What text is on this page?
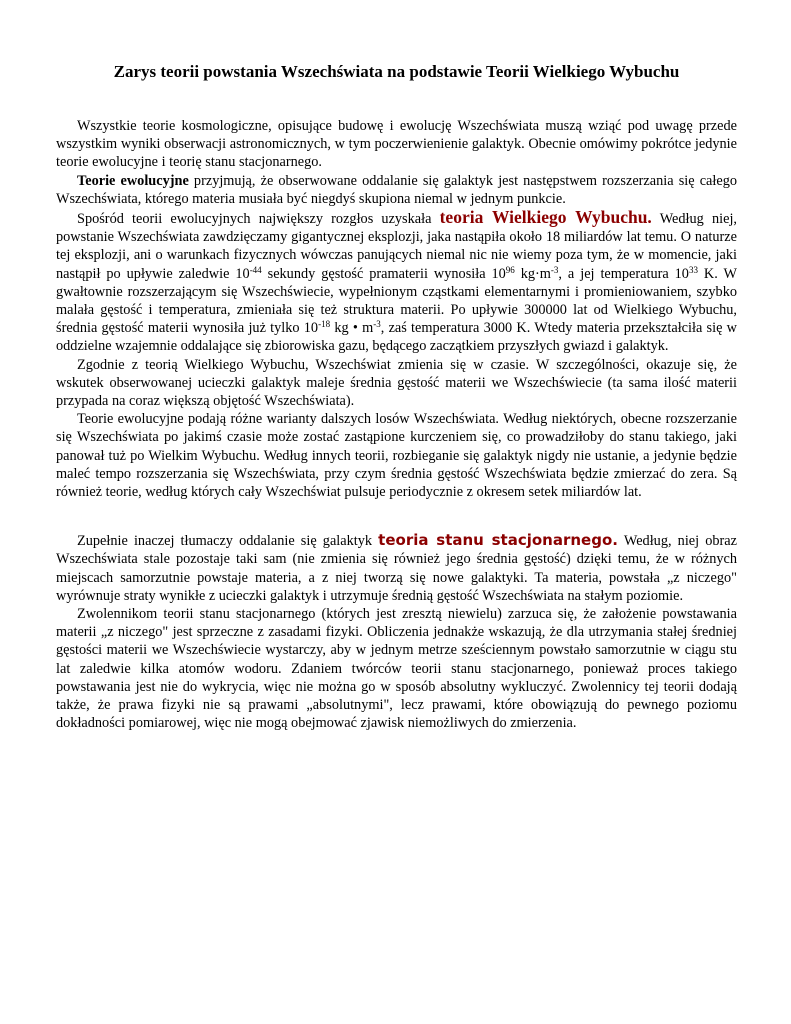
Zarys teorii powstania Wszechświata na podstawie Teorii Wielkiego Wybuchu

Wszystkie teorie kosmologiczne, opisujące budowę i ewolucję Wszechświata muszą wziąć pod uwagę przede wszystkim wyniki obserwacji astronomicznych, w tym poczerwienienie galaktyk. Obecnie omówimy pokrótce jedynie teorie ewolucyjne i teorię stanu stacjonarnego.

Teorie ewolucyjne przyjmują, że obserwowane oddalanie się galaktyk jest następstwem rozszerzania się całego Wszechświata, którego materia musiała być niegdyś skupiona niemal w jednym punkcie.

Spośród teorii ewolucyjnych największy rozgłos uzyskała teoria Wielkiego Wybuchu. Według niej, powstanie Wszechświata zawdzięczamy gigantycznej eksplozji, jaka nastąpiła około 18 miliardów lat temu. O naturze tej eksplozji, ani o warunkach fizycznych wówczas panujących niemal nic nie wiemy poza tym, że w momencie, jaki nastąpił po upływie zaledwie $10^{-44}$ sekundy gęstość pramaterii wynosiła $10^{96}$ $kg\cdot m^{-3}$, a jej temperatura $10^{33}$ K. W gwałtownie rozszerzającym się Wszechświecie, wypełnionym cząstkami elementarnymi i promieniowaniem, szybko malała gęstość i temperatura, zmieniała się też struktura materii. Po upływie 300000 lat od Wielkiego Wybuchu, średnia gęstość materii wynosiła już tylko $10^{-18}$ kg • $m^{-3}$, zaś temperatura 3000 K. Wtedy materia przekształciła się w oddzielne wzajemnie oddalające się zbiorowiska gazu, będącego zaczątkiem przyszłych gwiazd i galaktyk.

Zgodnie z teorią Wielkiego Wybuchu, Wszechświat zmienia się w czasie. W szczególności, okazuje się, że wskutek obserwowanej ucieczki galaktyk maleje średnia gęstość materii we Wszechświecie (ta sama ilość materii przypada na coraz większą objętość Wszechświata).

Teorie ewolucyjne podają różne warianty dalszych losów Wszechświata. Według niektórych, obecne rozszerzanie się Wszechświata po jakimś czasie może zostać zastąpione kurczeniem się, co prowadziłoby do stanu takiego, jaki panował tuż po Wielkim Wybuchu. Według innych teorii, rozbieganie się galaktyk nigdy nie ustanie, a jedynie będzie maleć tempo rozszerzania się Wszechświata, przy czym średnia gęstość Wszechświata będzie zmierzać do zera. Są również teorie, według których cały Wszechświat pulsuje periodycznie z okresem setek miliardów lat.

Zupełnie inaczej tłumaczy oddalanie się galaktyk teoria stanu stacjonarnego. Według, niej obraz Wszechświata stale pozostaje taki sam (nie zmienia się również jego średnia gęstość) dzięki temu, że w różnych miejscach samorzutnie powstaje materia, a z niej tworzą się nowe galaktyki. Ta materia, powstała „z niczego" wyrównuje straty wynikłe z ucieczki galaktyk i utrzymuje średnią gęstość Wszechświata na stałym poziomie.

Zwolennikom teorii stanu stacjonarnego (których jest zresztą niewielu) zarzuca się, że założenie powstawania materii „z niczego" jest sprzeczne z zasadami fizyki. Obliczenia jednakże wskazują, że dla utrzymania stałej średniej gęstości materii we Wszechświecie wystarczy, aby w jednym metrze sześciennym powstało samorzutnie w ciągu stu lat zaledwie kilka atomów wodoru. Zdaniem twórców teorii stanu stacjonarnego, ponieważ proces takiego powstawania jest nie do wykrycia, więc nie można go w sposób absolutny wykluczyć. Zwolennicy tej teorii dodają także, że prawa fizyki nie są prawami „absolutnymi", lecz prawami, które obowiązują do pewnego poziomu dokładności pomiarowej, więc nie mogą obejmować zjawisk niemożliwych do zmierzenia.
